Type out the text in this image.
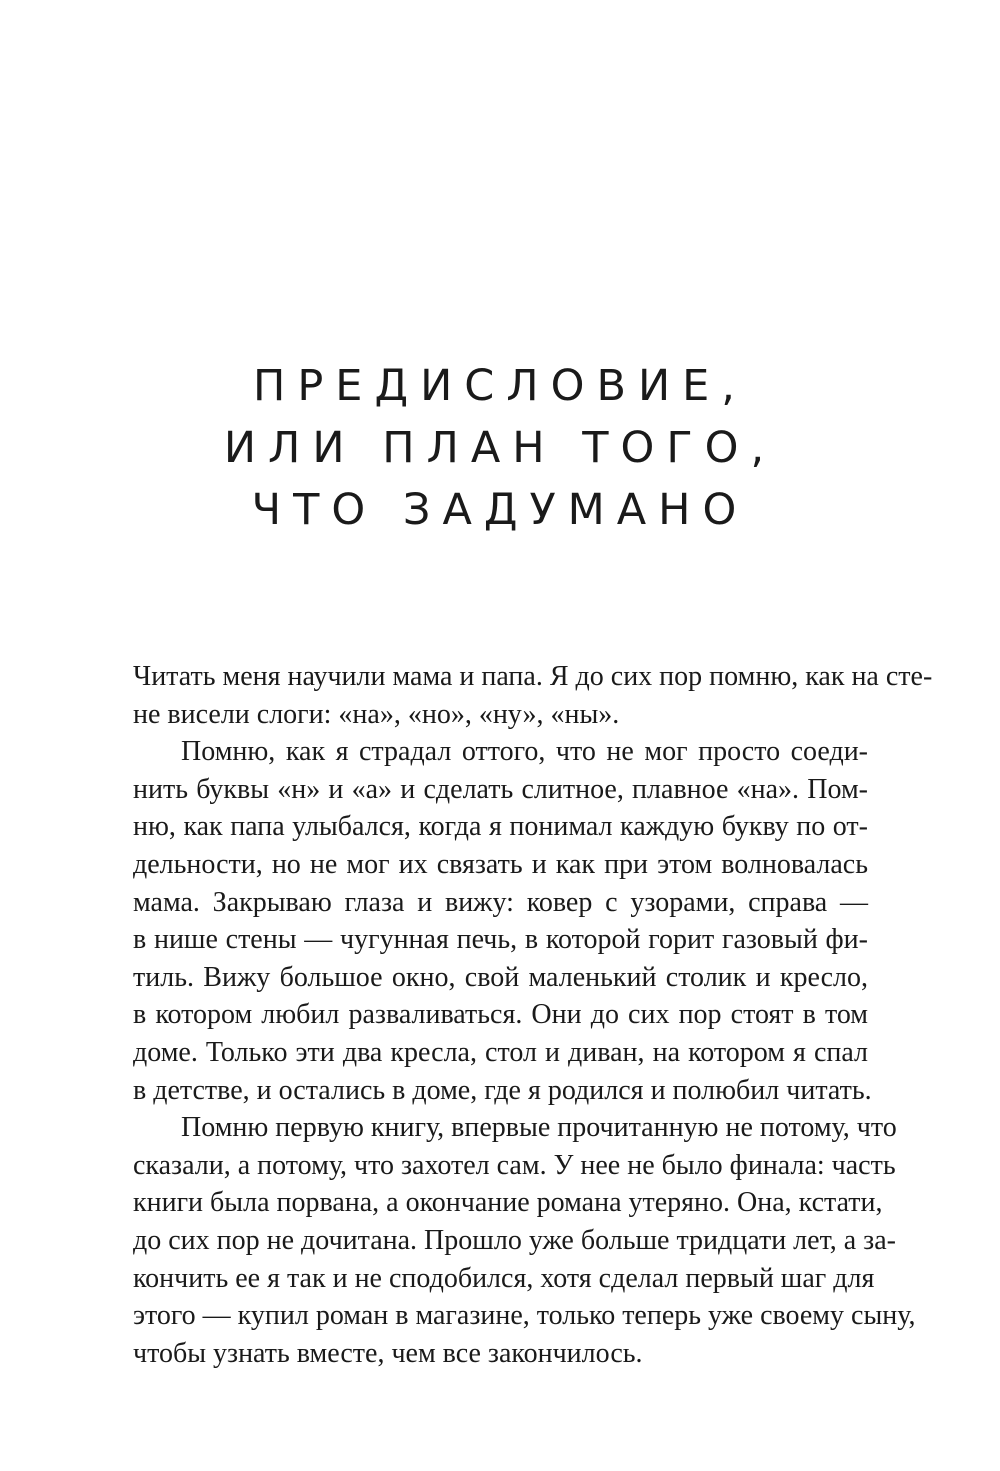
ПРЕДИСЛОВИЕ,
ИЛИ ПЛАН ТОГО,
ЧТО ЗАДУМАНО

Читать меня научили мама и папа. Я до сих пор помню, как на сте-
не висели слоги: «на», «но», «ну», «ны».

Помню, как я страдал оттого, что не мог просто соеди-
нить буквы «н» и «а» и сделать слитное, плавное «на». Пом-
ню, как папа улыбался, когда я понимал каждую букву по от-
дельности, но не мог их связать и как при этом волновалась
мама. Закрываю глаза и вижу: ковер с узорами, справа —
в нише стены — чугунная печь, в которой горит газовый фи-
тиль. Вижу большое окно, свой маленький столик и кресло,
в котором любил разваливаться. Они до сих пор стоят в том
доме. Только эти два кресла, стол и диван, на котором я спал
в детстве, и остались в доме, где я родился и полюбил читать.

Помню первую книгу, впервые прочитанную не потому, что
сказали, а потому, что захотел сам. У нее не было финала: часть
книги была порвана, а окончание романа утеряно. Она, кстати,
до сих пор не дочитана. Прошло уже больше тридцати лет, а за-
кончить ее я так и не сподобился, хотя сделал первый шаг для
этого — купил роман в магазине, только теперь уже своему сыну,
чтобы узнать вместе, чем все закончилось.
